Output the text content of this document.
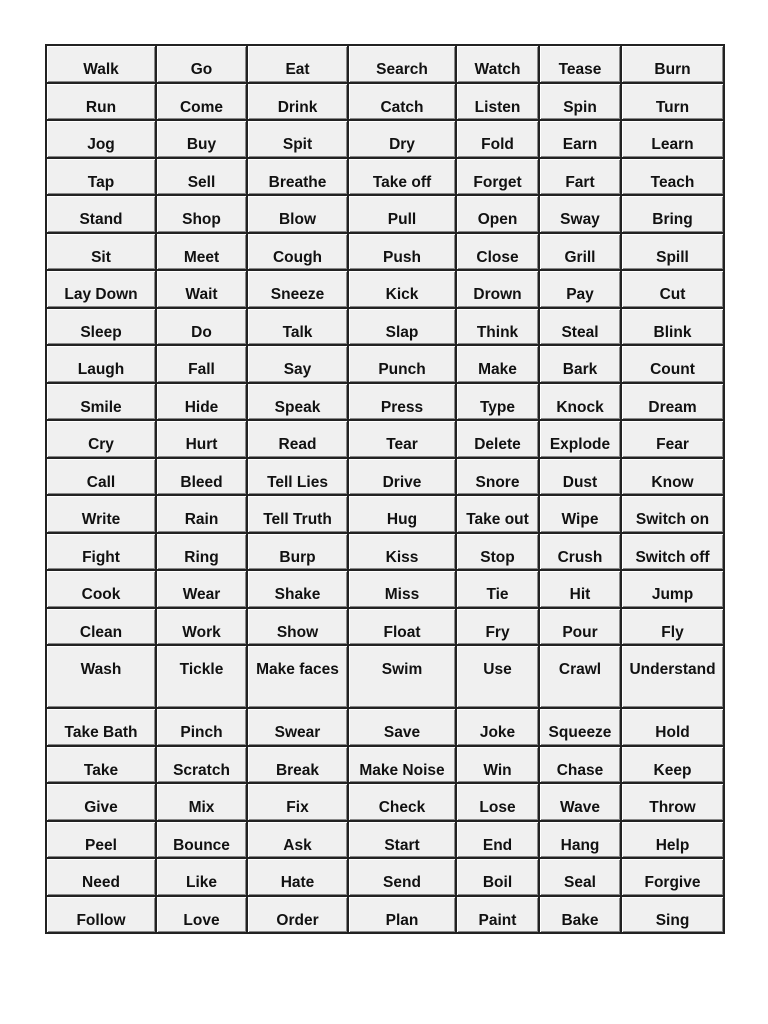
Walk	Go	Eat	Search	Watch	Tease	Burn
Run	Come	Drink	Catch	Listen	Spin	Turn
Jog	Buy	Spit	Dry	Fold	Earn	Learn
Tap	Sell	Breathe	Take off	Forget	Fart	Teach
Stand	Shop	Blow	Pull	Open	Sway	Bring
Sit	Meet	Cough	Push	Close	Grill	Spill
Lay Down	Wait	Sneeze	Kick	Drown	Pay	Cut
Sleep	Do	Talk	Slap	Think	Steal	Blink
Laugh	Fall	Say	Punch	Make	Bark	Count
Smile	Hide	Speak	Press	Type	Knock	Dream
Cry	Hurt	Read	Tear	Delete	Explode	Fear
Call	Bleed	Tell Lies	Drive	Snore	Dust	Know
Write	Rain	Tell Truth	Hug	Take out	Wipe	Switch on
Fight	Ring	Burp	Kiss	Stop	Crush	Switch off
Cook	Wear	Shake	Miss	Tie	Hit	Jump
Clean	Work	Show	Float	Fry	Pour	Fly
Wash	Tickle	Make faces	Swim	Use	Crawl	Understand
Take Bath	Pinch	Swear	Save	Joke	Squeeze	Hold
Take	Scratch	Break	Make Noise	Win	Chase	Keep
Give	Mix	Fix	Check	Lose	Wave	Throw
Peel	Bounce	Ask	Start	End	Hang	Help
Need	Like	Hate	Send	Boil	Seal	Forgive
Follow	Love	Order	Plan	Paint	Bake	Sing
